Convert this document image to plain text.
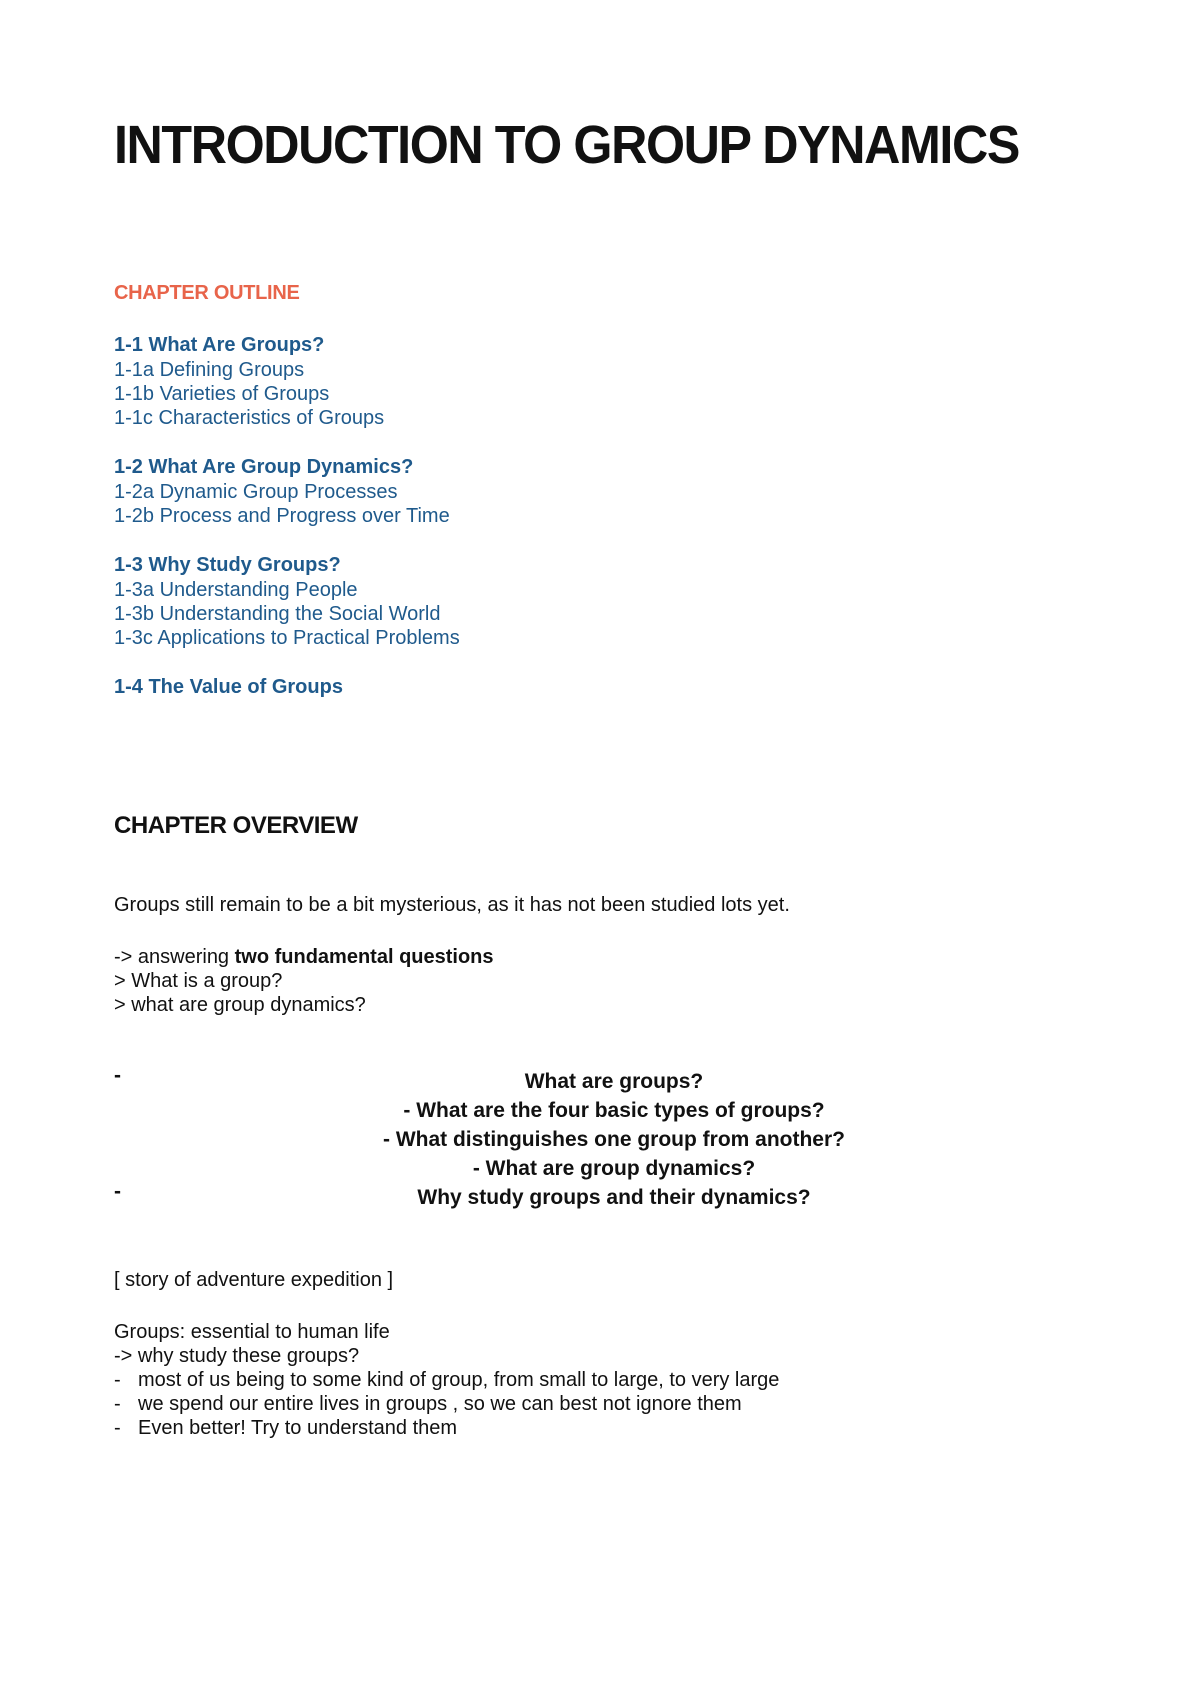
INTRODUCTION TO GROUP DYNAMICS
CHAPTER OUTLINE
1-1 What Are Groups?
1-1a Defining Groups
1-1b Varieties of Groups
1-1c Characteristics of Groups
1-2 What Are Group Dynamics?
1-2a Dynamic Group Processes
1-2b Process and Progress over Time
1-3 Why Study Groups?
1-3a Understanding People
1-3b Understanding the Social World
1-3c Applications to Practical Problems
1-4 The Value of Groups
CHAPTER OVERVIEW

Groups still remain to be a bit mysterious, as it has not been studied lots yet.

-> answering two fundamental questions
> What is a group?
> what are group dynamics?
-	What are groups?
- What are the four basic types of groups?
- What distinguishes one group from another?
- What are group dynamics?
-	Why study groups and their dynamics?

[ story of adventure expedition ]

Groups: essential to human life
-> why study these groups?
- most of us being to some kind of group, from small to large, to very large
- we spend our entire lives in groups , so we can best not ignore them
- Even better! Try to understand them
